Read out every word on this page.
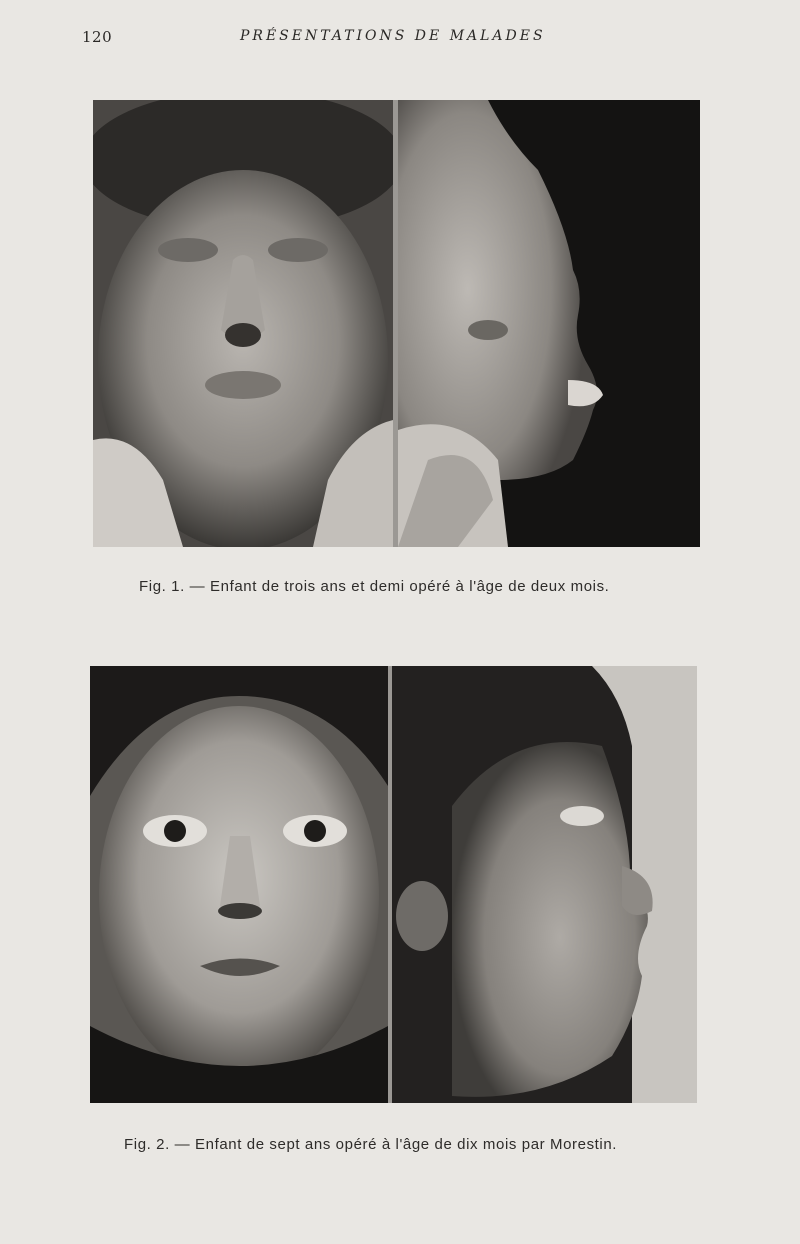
120	PRÉSENTATIONS DE MALADES
Fig. 1. — Enfant de trois ans et demi opéré à l'âge de deux mois.
Fig. 2. — Enfant de sept ans opéré à l'âge de dix mois par Morestin.
